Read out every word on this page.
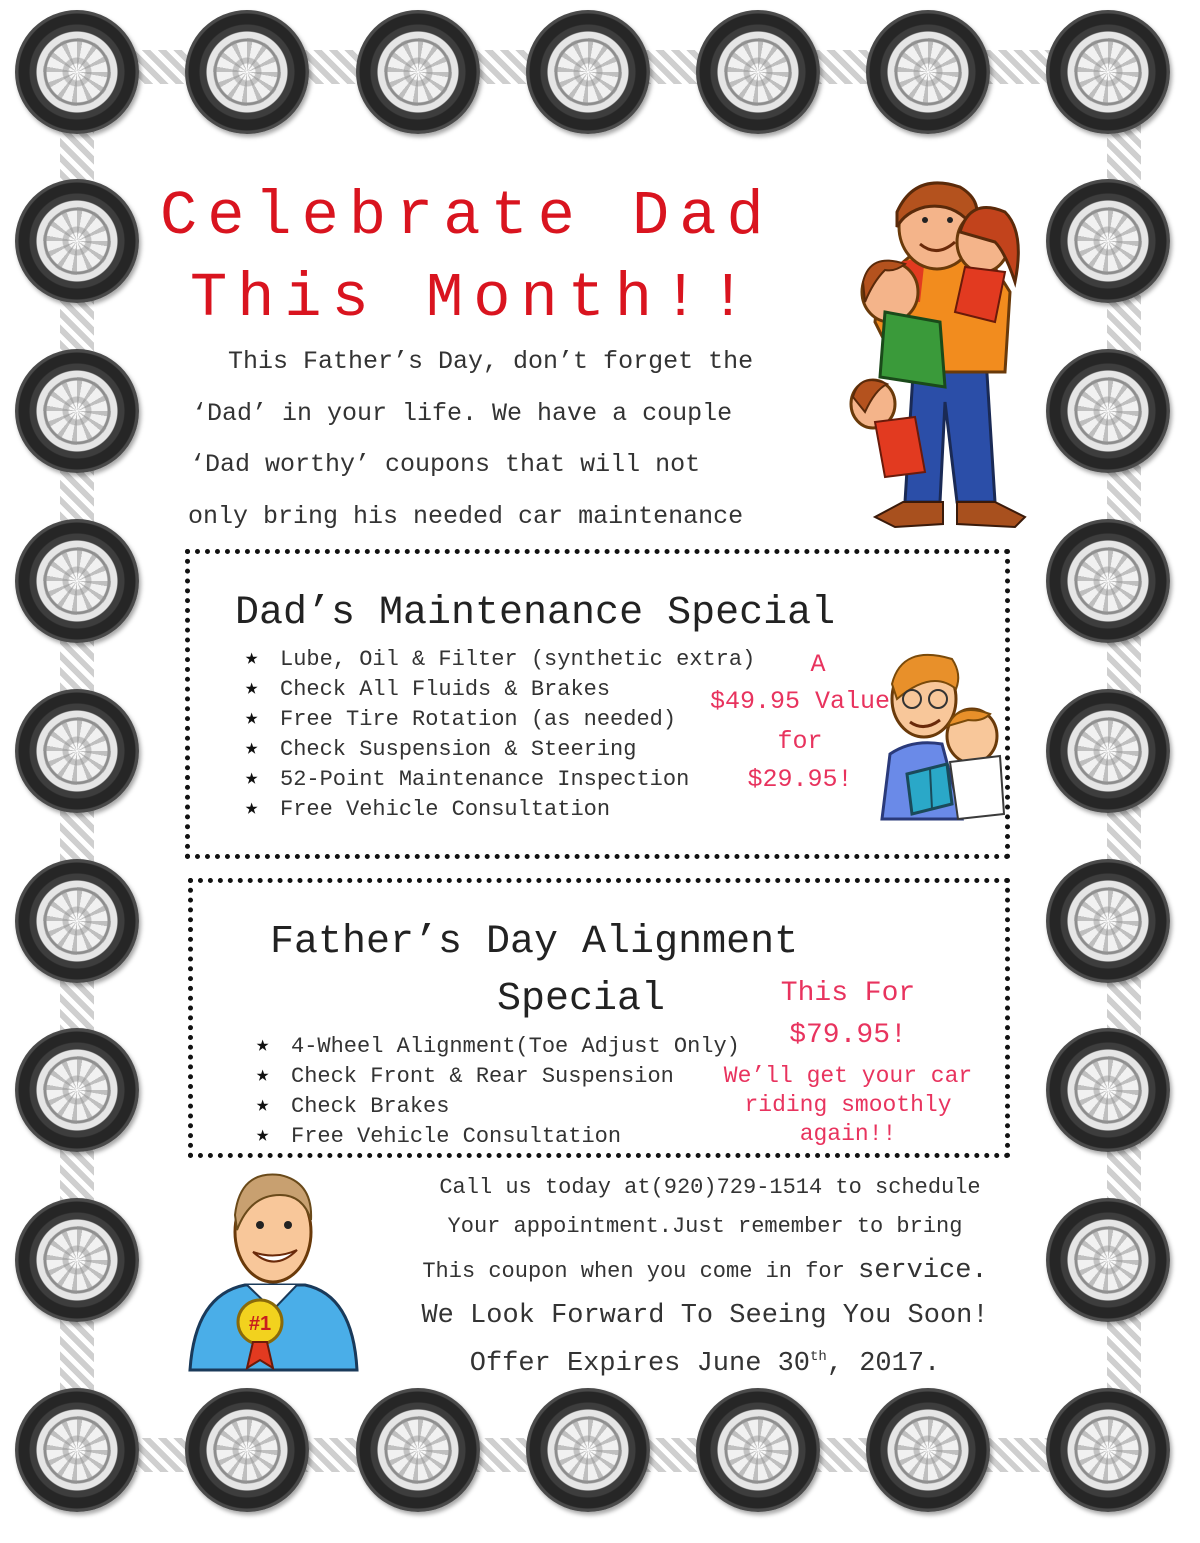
Celebrate Dad
This Month!!
This Father’s Day, don’t forget the
‘Dad’ in your life. We have a couple
‘Dad worthy’ coupons that will not
only bring his needed car maintenance
Dad’s Maintenance Special
★ Lube, Oil & Filter (synthetic extra)
★ Check All Fluids & Brakes
★ Free Tire Rotation (as needed)
★ Check Suspension & Steering
★ 52-Point Maintenance Inspection
★ Free Vehicle Consultation
A
$49.95 Value
for
$29.95!
Father’s Day Alignment
Special
★ 4-Wheel Alignment(Toe Adjust Only)
★ Check Front & Rear Suspension
★ Check Brakes
★ Free Vehicle Consultation
This For
$79.95!
We’ll get your car
riding smoothly
again!!
#1
Call us today at(920)729-1514 to schedule
Your appointment.Just remember to bring
This coupon when you come in for service.
We Look Forward To Seeing You Soon!
Offer Expires June 30th, 2017.
